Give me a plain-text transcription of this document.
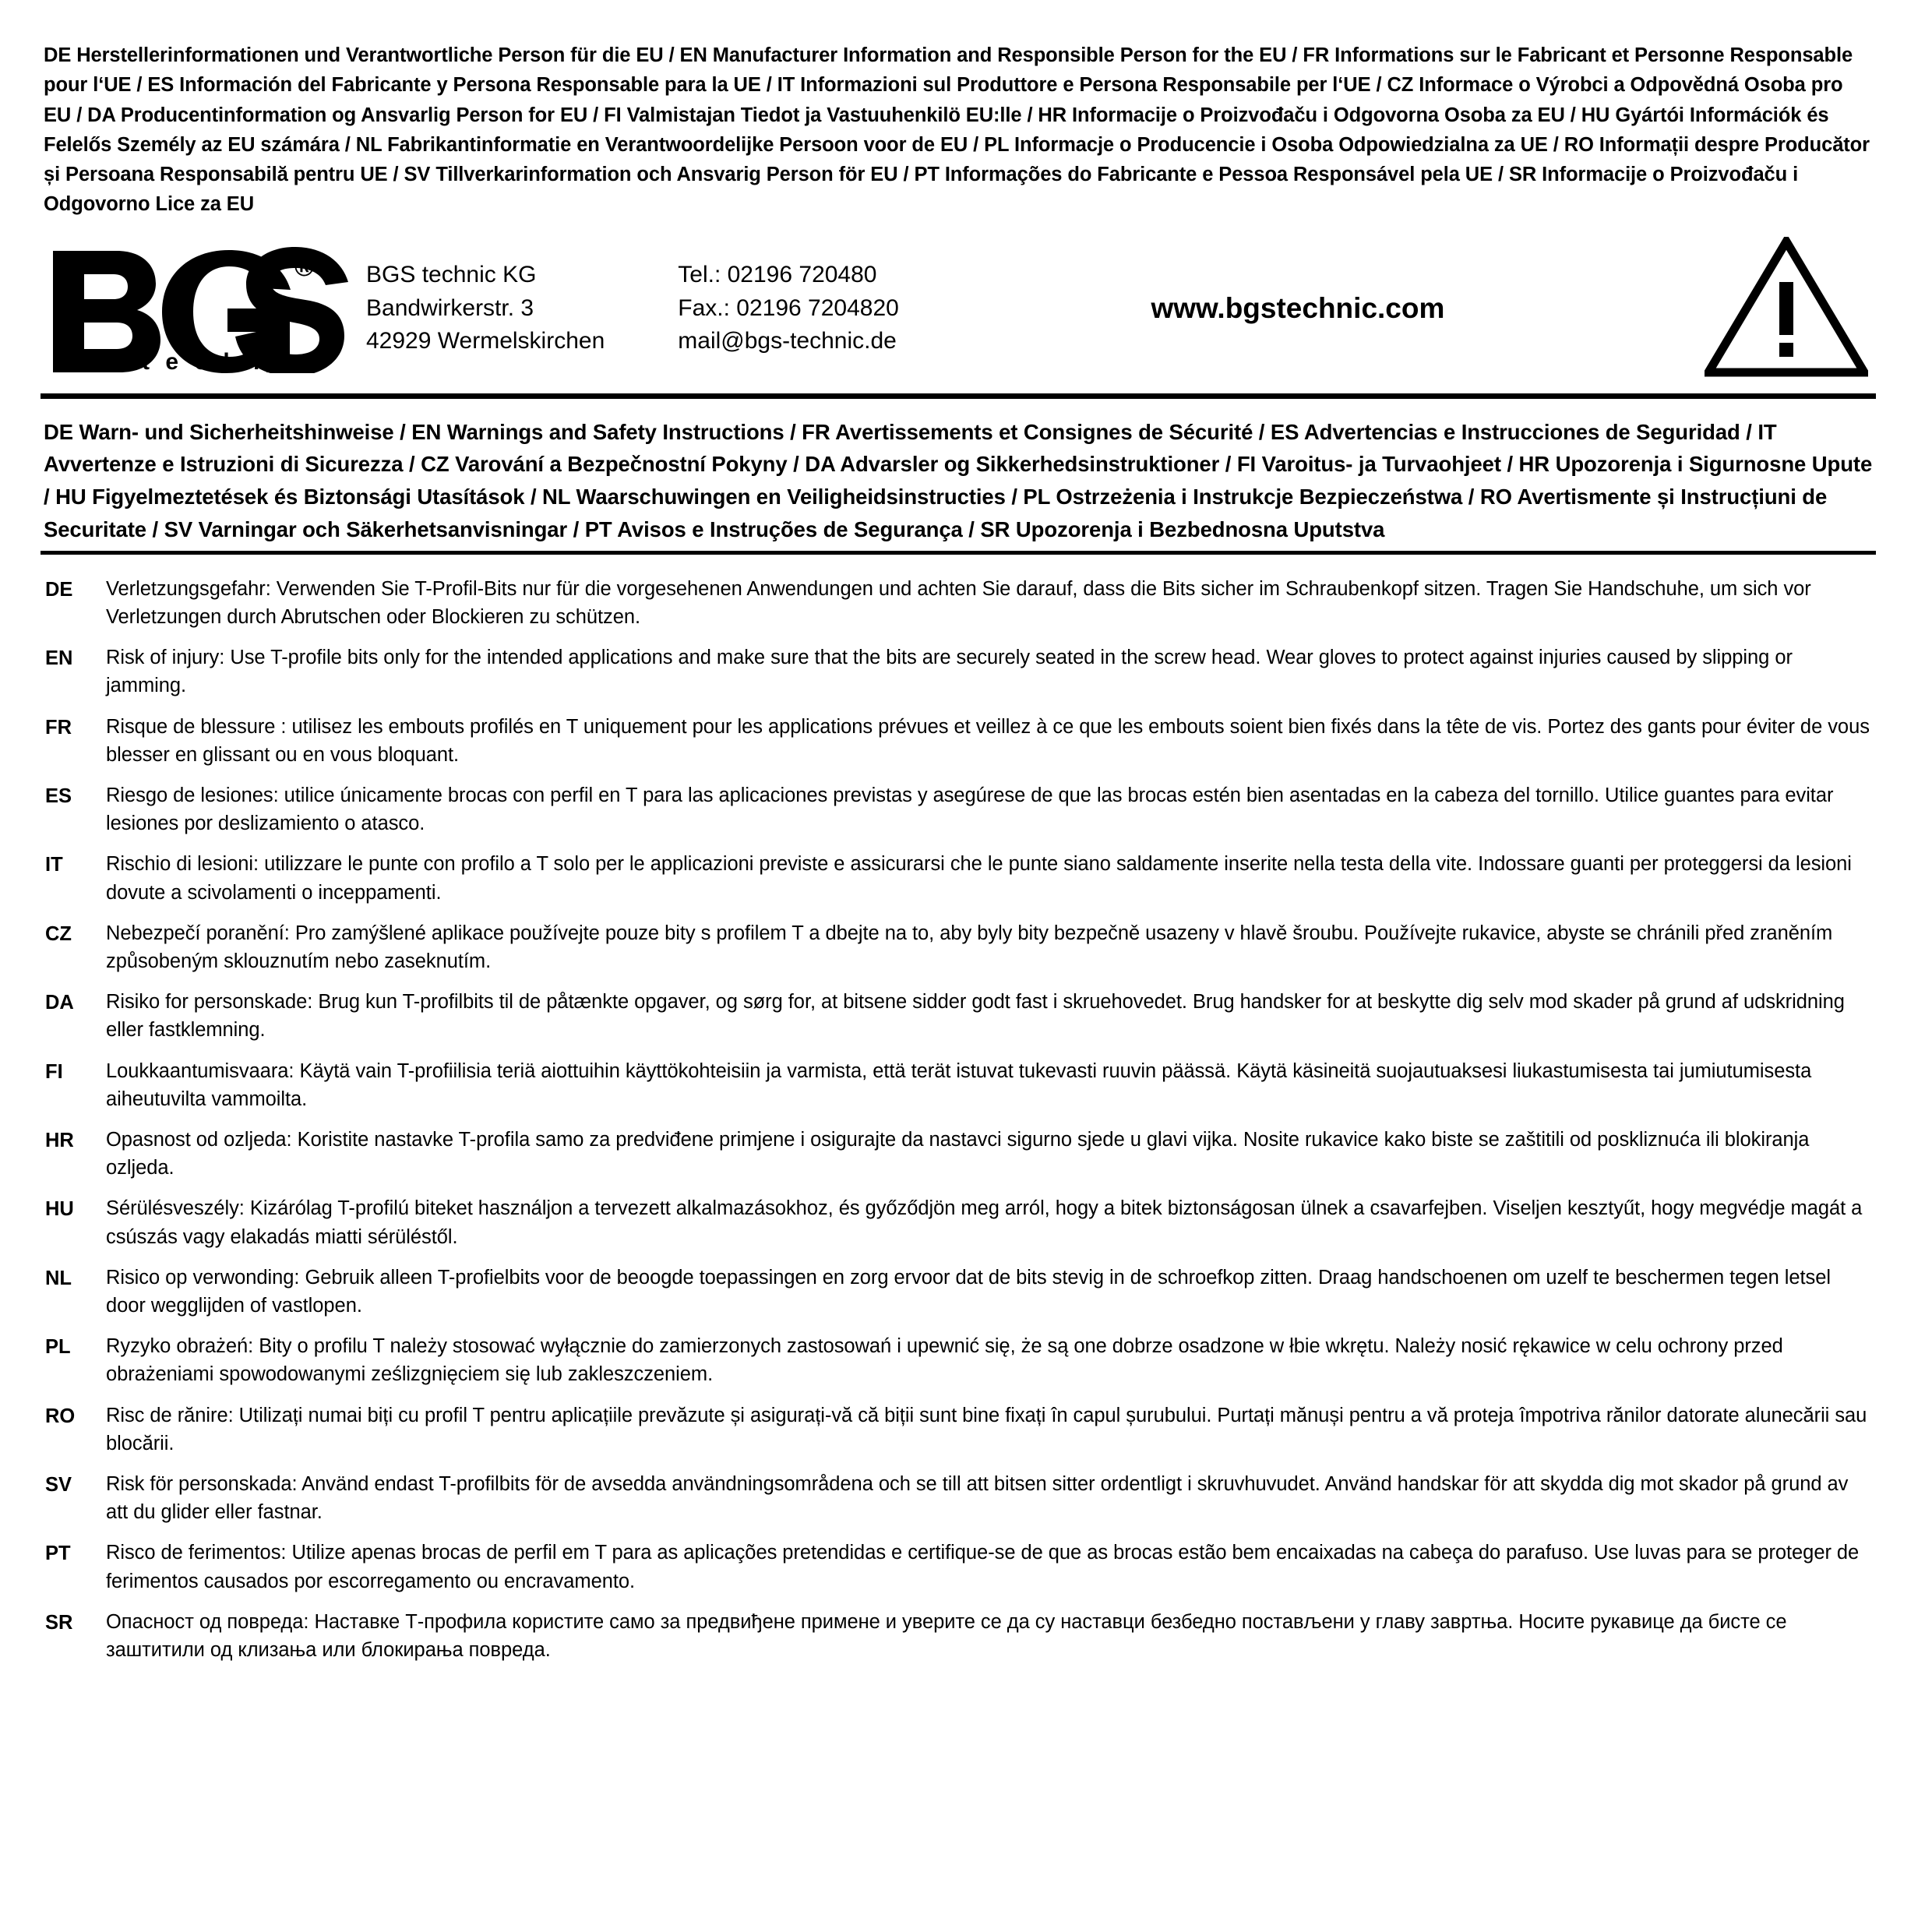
DE Herstellerinformationen und Verantwortliche Person für die EU / EN Manufacturer Information and Responsible Person for the EU / FR Informations sur le Fabricant et Personne Responsable pour l‘UE / ES Información del Fabricante y Persona Responsable para la UE / IT Informazioni sul Produttore e Persona Responsabile per l‘UE / CZ Informace o Výrobci a Odpovědná Osoba pro EU / DA Producentinformation og Ansvarlig Person for EU / FI Valmistajan Tiedot ja Vastuuhenkilö EU:lle / HR Informacije o Proizvođaču i Odgovorna Osoba za EU / HU Gyártói Információk és Felelős Személy az EU számára / NL Fabrikantinformatie en Verantwoordelijke Persoon voor de EU / PL Informacje o Producencie i Osoba Odpowiedzialna za UE / RO Informații despre Producător și Persoana Responsabilă pentru UE / SV Tillverkarinformation och Ansvarig Person för EU / PT Informações do Fabricante e Pessoa Responsável pela UE / SR Informacije o Proizvođaču i Odgovorno Lice za EU
®
t e c h n i c
BGS technic KG
Bandwirkerstr. 3
42929 Wermelskirchen
Tel.: 02196 720480
Fax.: 02196 7204820
mail@bgs-technic.de
www.bgstechnic.com
DE Warn- und Sicherheitshinweise / EN Warnings and Safety Instructions / FR Avertissements et Consignes de Sécurité / ES Advertencias e Instrucciones de Seguridad / IT Avvertenze e Istruzioni di Sicurezza / CZ Varování a Bezpečnostní Pokyny / DA Advarsler og Sikkerhedsinstruktioner / FI Varoitus- ja Turvaohjeet / HR Upozorenja i Sigurnosne Upute / HU Figyelmeztetések és Biztonsági Utasítások / NL Waarschuwingen en Veiligheidsinstructies / PL Ostrzeżenia i Instrukcje Bezpieczeństwa / RO Avertismente și Instrucțiuni de Securitate / SV Varningar och Säkerhetsanvisningar / PT Avisos e Instruções de Segurança / SR Upozorenja i Bezbednosna Uputstva
DE	Verletzungsgefahr: Verwenden Sie T-Profil-Bits nur für die vorgesehenen Anwendungen und achten Sie darauf, dass die Bits sicher im Schraubenkopf sitzen. Tragen Sie Handschuhe, um sich vor Verletzungen durch Abrutschen oder Blockieren zu schützen.
EN	Risk of injury: Use T-profile bits only for the intended applications and make sure that the bits are securely seated in the screw head. Wear gloves to protect against injuries caused by slipping or jamming.
FR	Risque de blessure : utilisez les embouts profilés en T uniquement pour les applications prévues et veillez à ce que les embouts soient bien fixés dans la tête de vis. Portez des gants pour éviter de vous blesser en glissant ou en vous bloquant.
ES	Riesgo de lesiones: utilice únicamente brocas con perfil en T para las aplicaciones previstas y asegúrese de que las brocas estén bien asentadas en la cabeza del tornillo. Utilice guantes para evitar lesiones por deslizamiento o atasco.
IT	Rischio di lesioni: utilizzare le punte con profilo a T solo per le applicazioni previste e assicurarsi che le punte siano saldamente inserite nella testa della vite. Indossare guanti per proteggersi da lesioni dovute a scivolamenti o inceppamenti.
CZ	Nebezpečí poranění: Pro zamýšlené aplikace používejte pouze bity s profilem T a dbejte na to, aby byly bity bezpečně usazeny v hlavě šroubu. Používejte rukavice, abyste se chránili před zraněním způsobeným sklouznutím nebo zaseknutím.
DA	Risiko for personskade: Brug kun T-profilbits til de påtænkte opgaver, og sørg for, at bitsene sidder godt fast i skruehovedet. Brug handsker for at beskytte dig selv mod skader på grund af udskridning eller fastklemning.
FI	Loukkaantumisvaara: Käytä vain T-profiilisia teriä aiottuihin käyttökohteisiin ja varmista, että terät istuvat tukevasti ruuvin päässä. Käytä käsineitä suojautuaksesi liukastumisesta tai jumiutumisesta aiheutuvilta vammoilta.
HR	Opasnost od ozljeda: Koristite nastavke T-profila samo za predviđene primjene i osigurajte da nastavci sigurno sjede u glavi vijka. Nosite rukavice kako biste se zaštitili od poskliznuća ili blokiranja ozljeda.
HU	Sérülésveszély: Kizárólag T-profilú biteket használjon a tervezett alkalmazásokhoz, és győződjön meg arról, hogy a bitek biztonságosan ülnek a csavarfejben. Viseljen kesztyűt, hogy megvédje magát a csúszás vagy elakadás miatti sérüléstől.
NL	Risico op verwonding: Gebruik alleen T-profielbits voor de beoogde toepassingen en zorg ervoor dat de bits stevig in de schroefkop zitten. Draag handschoenen om uzelf te beschermen tegen letsel door wegglijden of vastlopen.
PL	Ryzyko obrażeń: Bity o profilu T należy stosować wyłącznie do zamierzonych zastosowań i upewnić się, że są one dobrze osadzone w łbie wkrętu. Należy nosić rękawice w celu ochrony przed obrażeniami spowodowanymi ześlizgnięciem się lub zakleszczeniem.
RO	Risc de rănire: Utilizați numai biți cu profil T pentru aplicațiile prevăzute și asigurați-vă că biții sunt bine fixați în capul șurubului. Purtați mănuși pentru a vă proteja împotriva rănilor datorate alunecării sau blocării.
SV	Risk för personskada: Använd endast T-profilbits för de avsedda användningsområdena och se till att bitsen sitter ordentligt i skruvhuvudet. Använd handskar för att skydda dig mot skador på grund av att du glider eller fastnar.
PT	Risco de ferimentos: Utilize apenas brocas de perfil em T para as aplicações pretendidas e certifique-se de que as brocas estão bem encaixadas na cabeça do parafuso. Use luvas para se proteger de ferimentos causados por escorregamento ou encravamento.
SR	Опасност од повреда: Наставке Т-профила користите само за предвиђене примене и уверите се да су наставци безбедно постављени у главу завртња. Носите рукавице да бисте се заштитили од клизања или блокирања повреда.
